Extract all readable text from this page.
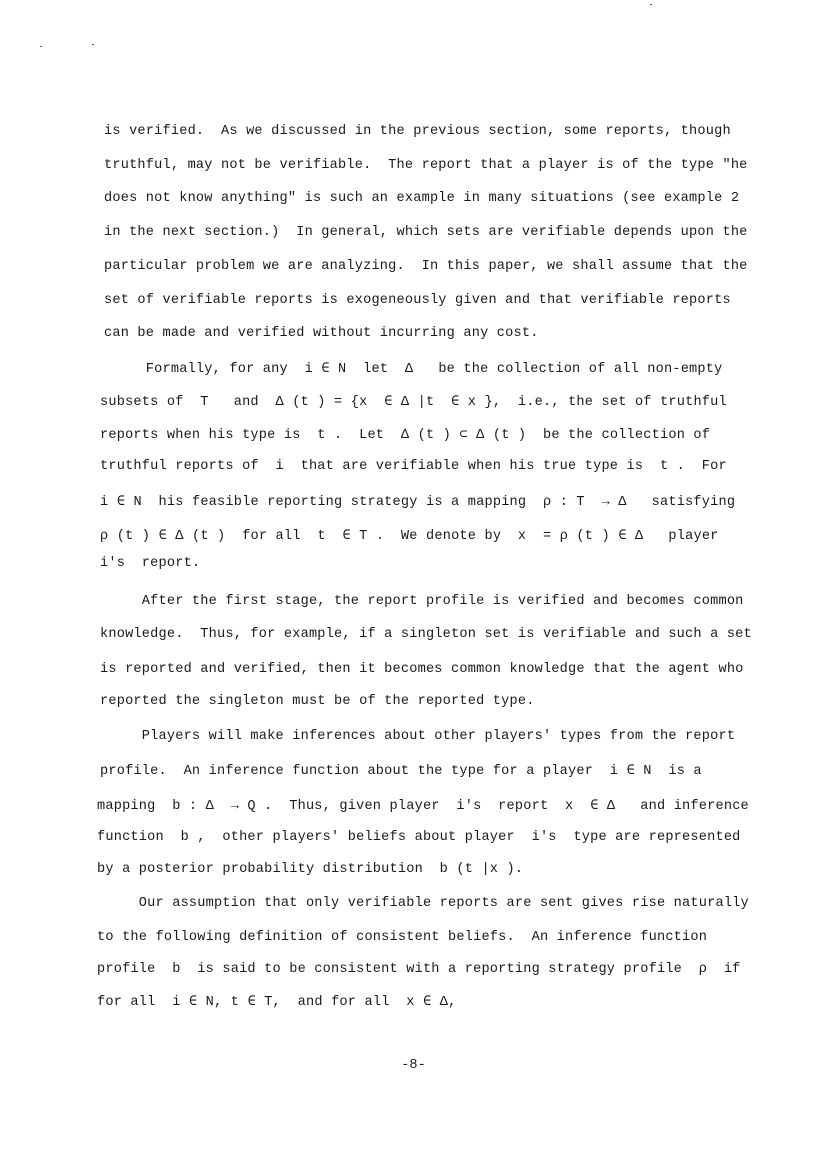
is verified.  As we discussed in the previous section, some reports, though
truthful, may not be verifiable.  The report that a player is of the type "he
does not know anything" is such an example in many situations (see example 2
in the next section.)  In general, which sets are verifiable depends upon the
particular problem we are analyzing.  In this paper, we shall assume that the
set of verifiable reports is exogeneously given and that verifiable reports
can be made and verified without incurring any cost.
Formally, for any  i ∈ N  let  Δ   be the collection of all non-empty
subsets of  T   and  Δ (t ) = {x  ∈ Δ |t  ∈ x },  i.e., the set of truthful
reports when his type is  t .  Let  Δ (t ) ⊂ Δ (t )  be the collection of
truthful reports of  i  that are verifiable when his true type is  t .  For
i ∈ N  his feasible reporting strategy is a mapping  ρ : T  → Δ   satisfying
ρ (t ) ∈ Δ (t )  for all  t  ∈ T .  We denote by  x  = ρ (t ) ∈ Δ   player
i's  report.
After the first stage, the report profile is verified and becomes common
knowledge.  Thus, for example, if a singleton set is verifiable and such a set
is reported and verified, then it becomes common knowledge that the agent who
reported the singleton must be of the reported type.
Players will make inferences about other players' types from the report
profile.  An inference function about the type for a player  i ∈ N  is a
mapping  b : Δ  → Q .  Thus, given player  i's  report  x  ∈ Δ   and inference
function  b ,  other players' beliefs about player  i's  type are represented
by a posterior probability distribution  b (t |x ).
Our assumption that only verifiable reports are sent gives rise naturally
to the following definition of consistent beliefs.  An inference function
profile  b  is said to be consistent with a reporting strategy profile  ρ  if
for all  i ∈ N, t ∈ T,  and for all  x ∈ Δ,
-8-
